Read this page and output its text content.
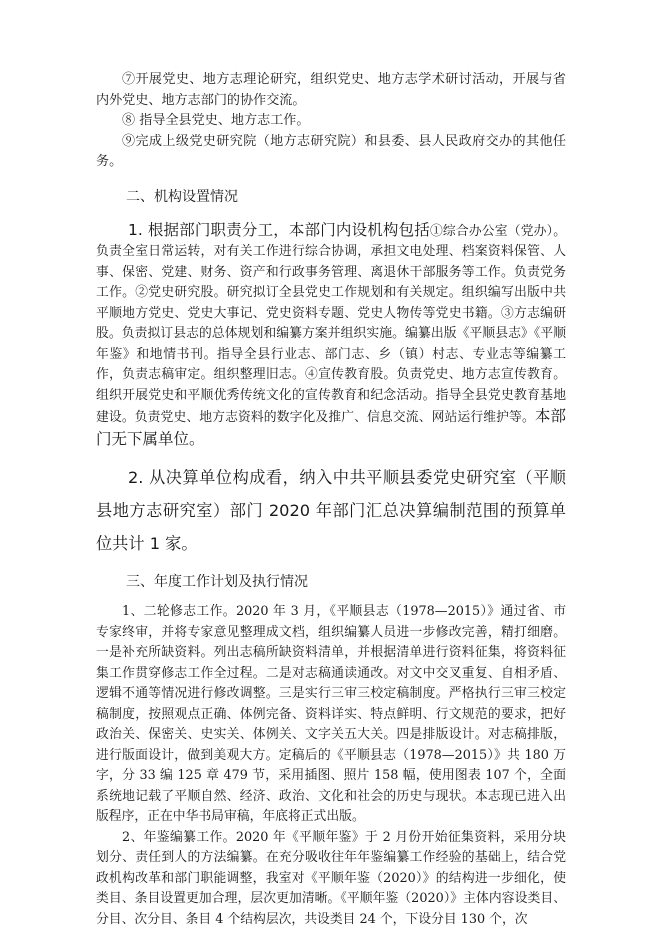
⑦开展党史、地方志理论研究，组织党史、地方志学术研讨活动，开展与省内外党史、地方志部门的协作交流。

⑧ 指导全县党史、地方志工作。

⑨完成上级党史研究院（地方志研究院）和县委、县人民政府交办的其他任务。

二、机构设置情况

1. 根据部门职责分工，本部门内设机构包括①综合办公室（党办）。负责全室日常运转，对有关工作进行综合协调，承担文电处理、档案资料保管、人事、保密、党建、财务、资产和行政事务管理、离退休干部服务等工作。负责党务工作。②党史研究股。研究拟订全县党史工作规划和有关规定。组织编写出版中共平顺地方党史、党史大事记、党史资料专题、党史人物传等党史书籍。③方志编研股。负责拟订县志的总体规划和编纂方案并组织实施。编纂出版《平顺县志》《平顺年鉴》和地情书刊。指导全县行业志、部门志、乡（镇）村志、专业志等编纂工作，负责志稿审定。组织整理旧志。④宣传教育股。负责党史、地方志宣传教育。组织开展党史和平顺优秀传统文化的宣传教育和纪念活动。指导全县党史教育基地建设。负责党史、地方志资料的数字化及推广、信息交流、网站运行维护等。本部门无下属单位。

2. 从决算单位构成看，纳入中共平顺县委党史研究室（平顺县地方志研究室）部门 2020 年部门汇总决算编制范围的预算单位共计 1 家。

三、年度工作计划及执行情况

1、二轮修志工作。2020 年 3 月，《平顺县志（1978—2015）》通过省、市专家终审，并将专家意见整理成文档，组织编纂人员进一步修改完善，精打细磨。一是补充所缺资料。列出志稿所缺资料清单，并根据清单进行资料征集，将资料征集工作贯穿修志工作全过程。二是对志稿通读通改。对文中交叉重复、自相矛盾、逻辑不通等情况进行修改调整。三是实行三审三校定稿制度。严格执行三审三校定稿制度，按照观点正确、体例完备、资料详实、特点鲜明、行文规范的要求，把好政治关、保密关、史实关、体例关、文字关五大关。四是排版设计。对志稿排版，进行版面设计，做到美观大方。定稿后的《平顺县志（1978—2015）》共 180 万字，分 33 编 125 章 479 节，采用插图、照片 158 幅，使用图表 107 个，全面系统地记载了平顺自然、经济、政治、文化和社会的历史与现状。本志现已进入出版程序，正在中华书局审稿，年底将正式出版。

2、年鉴编纂工作。2020 年《平顺年鉴》于 2 月份开始征集资料，采用分块划分、责任到人的方法编纂。在充分吸收往年年鉴编纂工作经验的基础上，结合党政机构改革和部门职能调整，我室对《平顺年鉴（2020）》的结构进一步细化，使类目、条目设置更加合理，层次更加清晰。《平顺年鉴（2020）》主体内容设类目、分目、次分目、条目 4 个结构层次，共设类目 24 个，下设分目 130 个，次
